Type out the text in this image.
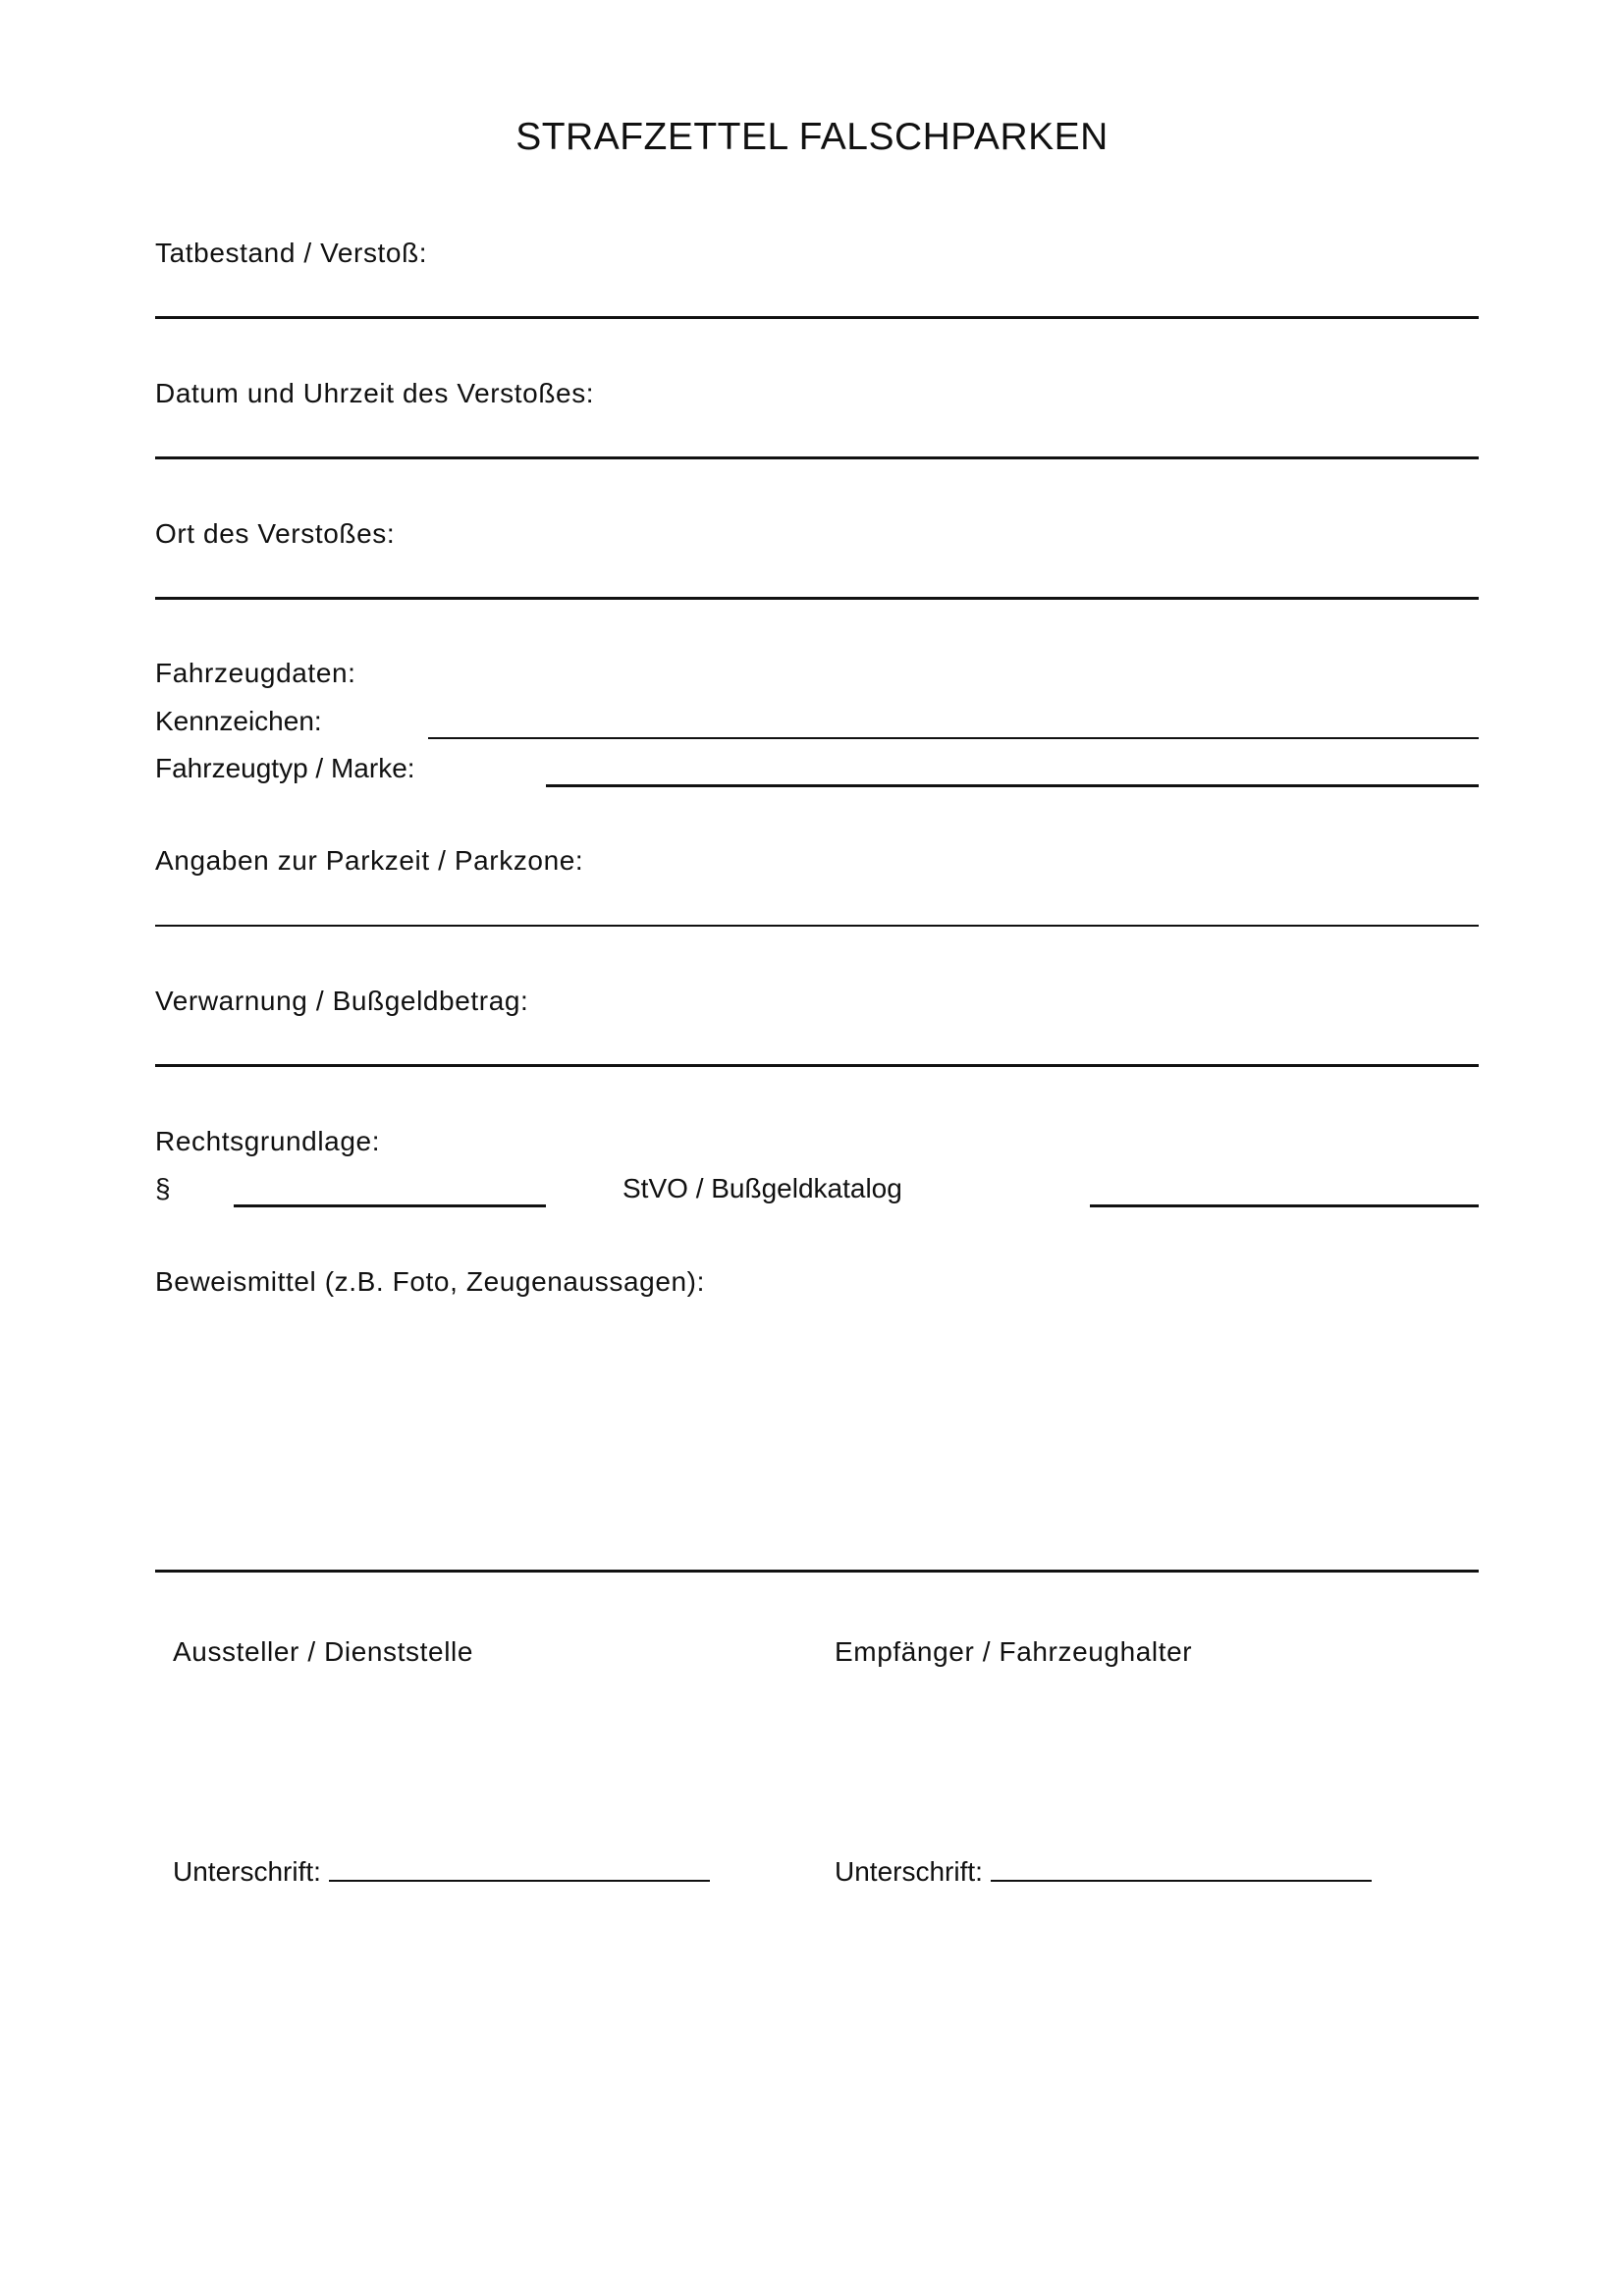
STRAFZETTEL FALSCHPARKEN
Tatbestand / Verstoß:
Datum und Uhrzeit des Verstoßes:
Ort des Verstoßes:
Fahrzeugdaten:
Kennzeichen:
Fahrzeugtyp / Marke:
Angaben zur Parkzeit / Parkzone:
Verwarnung / Bußgeldbetrag:
Rechtsgrundlage:
§	StVO / Bußgeldkatalog
Beweismittel (z.B. Foto, Zeugenaussagen):
Aussteller / Dienststelle	Empfänger / Fahrzeughalter
Unterschrift:	Unterschrift:
